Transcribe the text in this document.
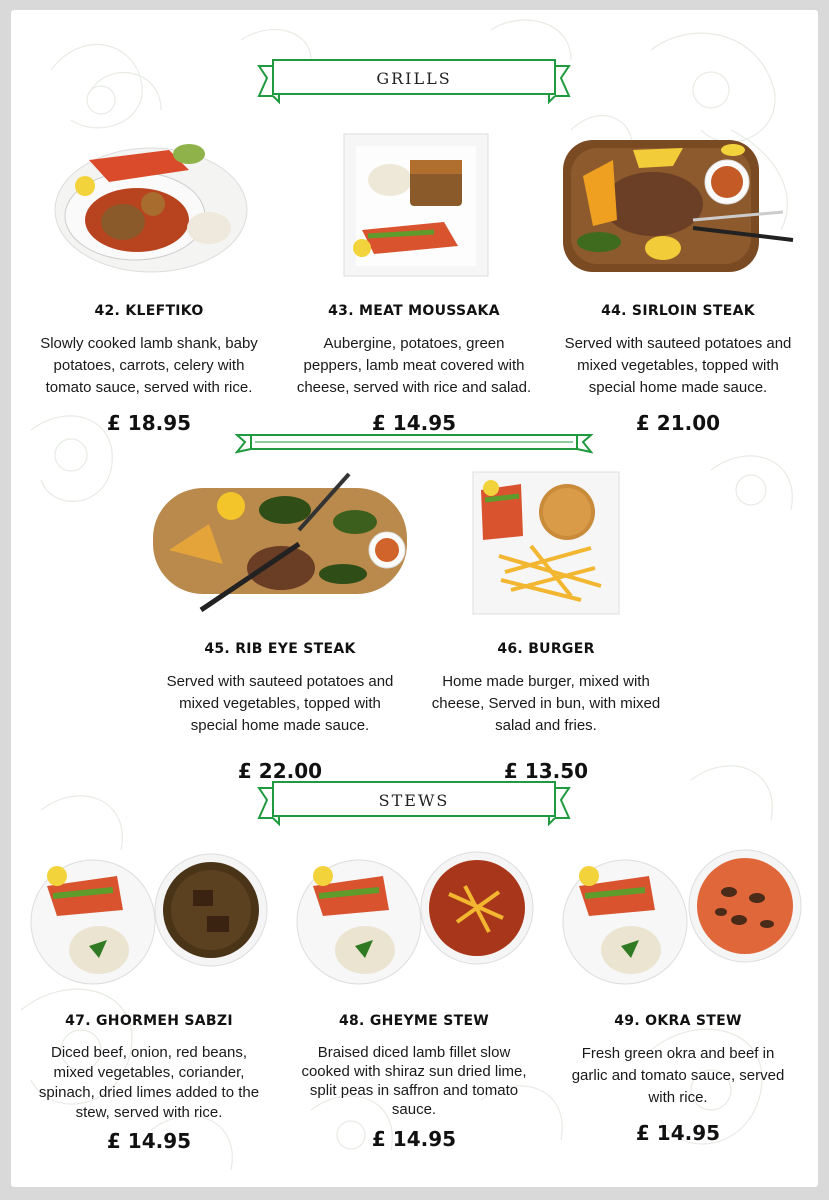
GRILLS
42. KLEFTIKO
Slowly cooked lamb shank, baby
potatoes, carrots, celery with
tomato sauce, served with rice.
£ 18.95
43. MEAT MOUSSAKA
Aubergine, potatoes, green
peppers, lamb meat covered with
cheese, served with rice and salad.
£ 14.95
44. SIRLOIN STEAK
Served with sauteed potatoes and
mixed vegetables, topped with
special home made sauce.
£ 21.00
45. RIB EYE STEAK
Served with sauteed potatoes and
mixed vegetables, topped with
special home made sauce.
£ 22.00
46. BURGER
Home made burger, mixed with
cheese, Served in bun, with mixed
salad and fries.
£ 13.50
STEWS
47. GHORMEH SABZI
Diced beef, onion, red beans,
mixed vegetables, coriander,
spinach, dried limes added to the
stew, served with rice.
£ 14.95
48. GHEYME STEW
Braised diced lamb fillet slow
cooked with shiraz sun dried lime,
split peas in saffron and tomato
sauce.
£ 14.95
49. OKRA STEW
Fresh green okra and beef in
garlic and tomato sauce, served
with rice.
£ 14.95
